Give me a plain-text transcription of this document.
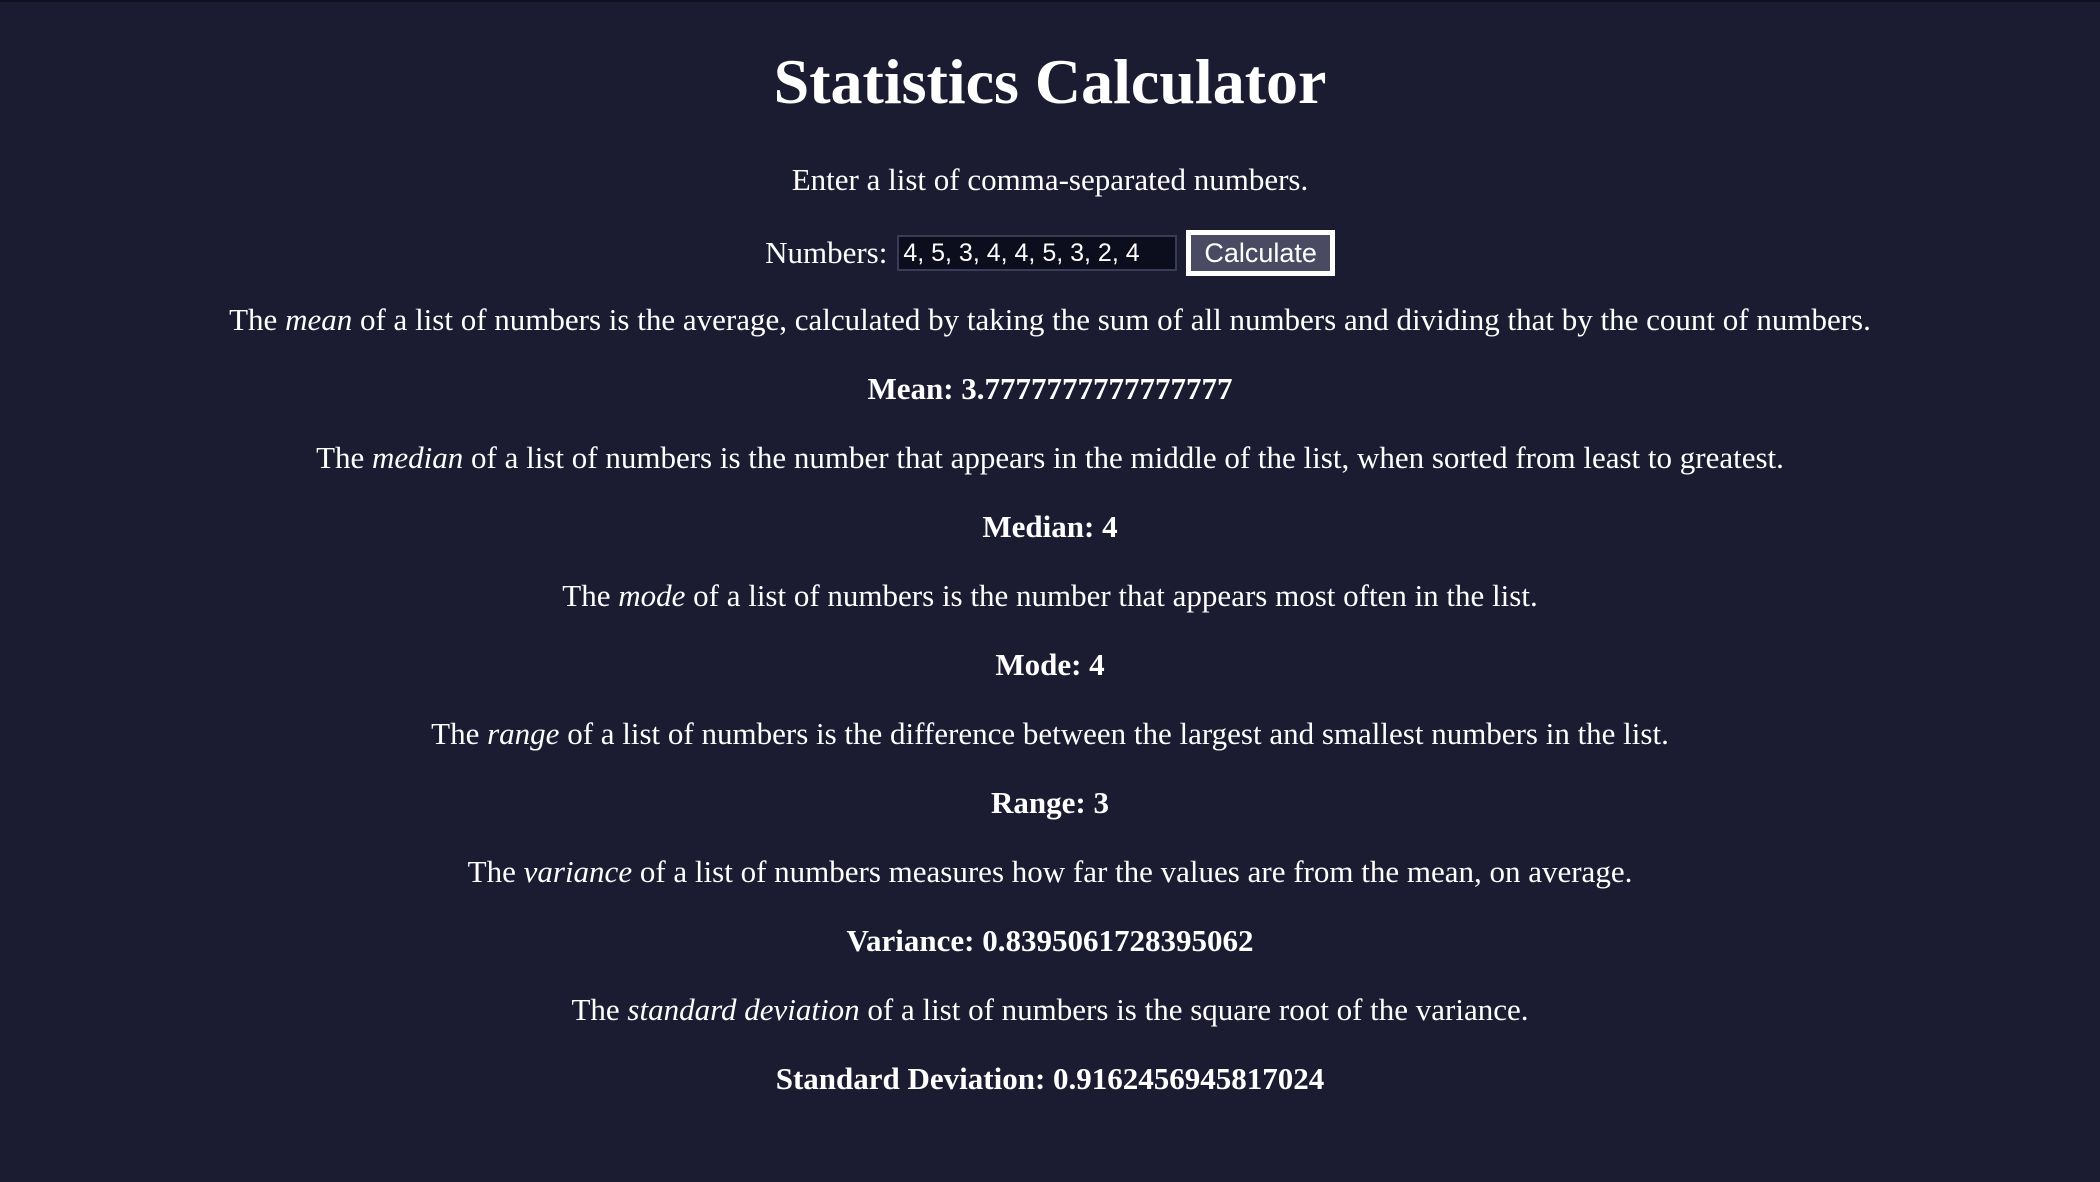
Statistics Calculator

Enter a list of comma-separated numbers.

Numbers:
4, 5, 3, 4, 4, 5, 3, 2, 4	Calculate

The mean of a list of numbers is the average, calculated by taking the sum of all numbers and dividing that by the count of numbers.

Mean: 3.7777777777777777

The median of a list of numbers is the number that appears in the middle of the list, when sorted from least to greatest.

Median: 4

The mode of a list of numbers is the number that appears most often in the list.

Mode: 4

The range of a list of numbers is the difference between the largest and smallest numbers in the list.

Range: 3

The variance of a list of numbers measures how far the values are from the mean, on average.

Variance: 0.8395061728395062

The standard deviation of a list of numbers is the square root of the variance.

Standard Deviation: 0.9162456945817024
